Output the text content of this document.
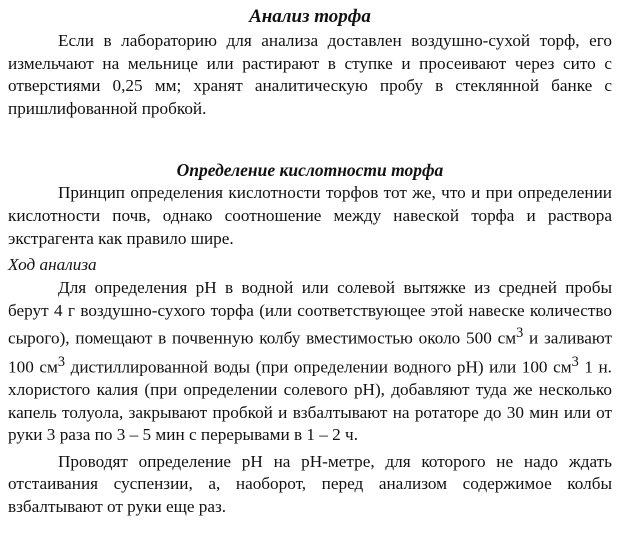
Анализ торфа

Если в лабораторию для анализа доставлен воздушно-сухой торф, его измельчают на мельнице или растирают в ступке и просеивают через сито с отверстиями 0,25 мм; хранят аналитическую пробу в стеклянной банке с пришлифованной пробкой.

Определение кислотности торфа

Принцип определения кислотности торфов тот же, что и при определении кислотности почв, однако соотношение между навеской торфа и раствора экстрагента как правило шире.

Ход анализа

Для определения pH в водной или солевой вытяжке из средней пробы берут 4 г воздушно-сухого торфа (или соответствующее этой навеске количество сырого), помещают в почвенную колбу вместимостью около 500 $см^3$ и заливают 100 $см^3$ дистиллированной воды (при определении водного pH) или 100 $см^3$ 1 н. хлористого калия (при определении солевого pH), добавляют туда же несколько капель толуола, закрывают пробкой и взбалтывают на ротаторе до 30 мин или от руки 3 раза по 3 – 5 мин с перерывами в 1 – 2 ч.

Проводят определение pH на pH-метре, для которого не надо ждать отстаивания суспензии, а, наоборот, перед анализом содержимое колбы взбалтывают от руки еще раз.
